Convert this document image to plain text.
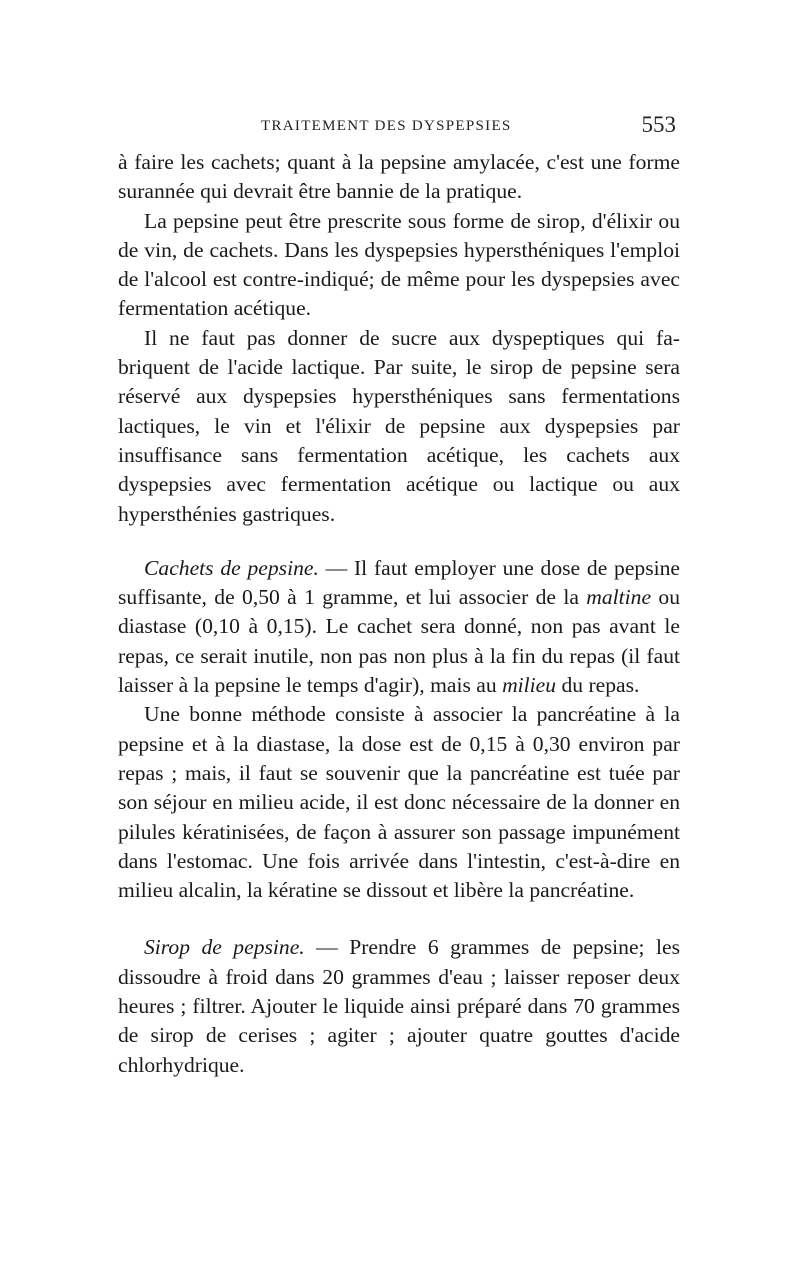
TRAITEMENT DES DYSPEPSIES	553

à faire les cachets; quant à la pepsine amylacée, c'est une forme surannée qui devrait être bannie de la pratique.

La pepsine peut être prescrite sous forme de sirop, d'élixir ou de vin, de cachets. Dans les dyspepsies hypersthéniques l'emploi de l'alcool est contre-indiqué; de même pour les dyspepsies avec fermentation acétique.

Il ne faut pas donner de sucre aux dyspeptiques qui fabriquent de l'acide lactique. Par suite, le sirop de pepsine sera réservé aux dyspepsies hypersthéniques sans fermentations lactiques, le vin et l'élixir de pepsine aux dyspepsies par insuffisance sans fermentation acétique, les cachets aux dyspepsies avec fermentation acétique ou lactique ou aux hypersthénies gastriques.

Cachets de pepsine. — Il faut employer une dose de pepsine suffisante, de 0,50 à 1 gramme, et lui associer de la maltine ou diastase (0,10 à 0,15). Le cachet sera donné, non pas avant le repas, ce serait inutile, non pas non plus à la fin du repas (il faut laisser à la pepsine le temps d'agir), mais au milieu du repas.

Une bonne méthode consiste à associer la pancréatine à la pepsine et à la diastase, la dose est de 0,15 à 0,30 environ par repas ; mais, il faut se souvenir que la pancréatine est tuée par son séjour en milieu acide, il est donc nécessaire de la donner en pilules kératinisées, de façon à assurer son passage impunément dans l'estomac. Une fois arrivée dans l'intestin, c'est-à-dire en milieu alcalin, la kératine se dissout et libère la pancréatine.

Sirop de pepsine. — Prendre 6 grammes de pepsine; les dissoudre à froid dans 20 grammes d'eau ; laisser reposer deux heures ; filtrer. Ajouter le liquide ainsi préparé dans 70 grammes de sirop de cerises ; agiter ; ajouter quatre gouttes d'acide chlorhydrique.
